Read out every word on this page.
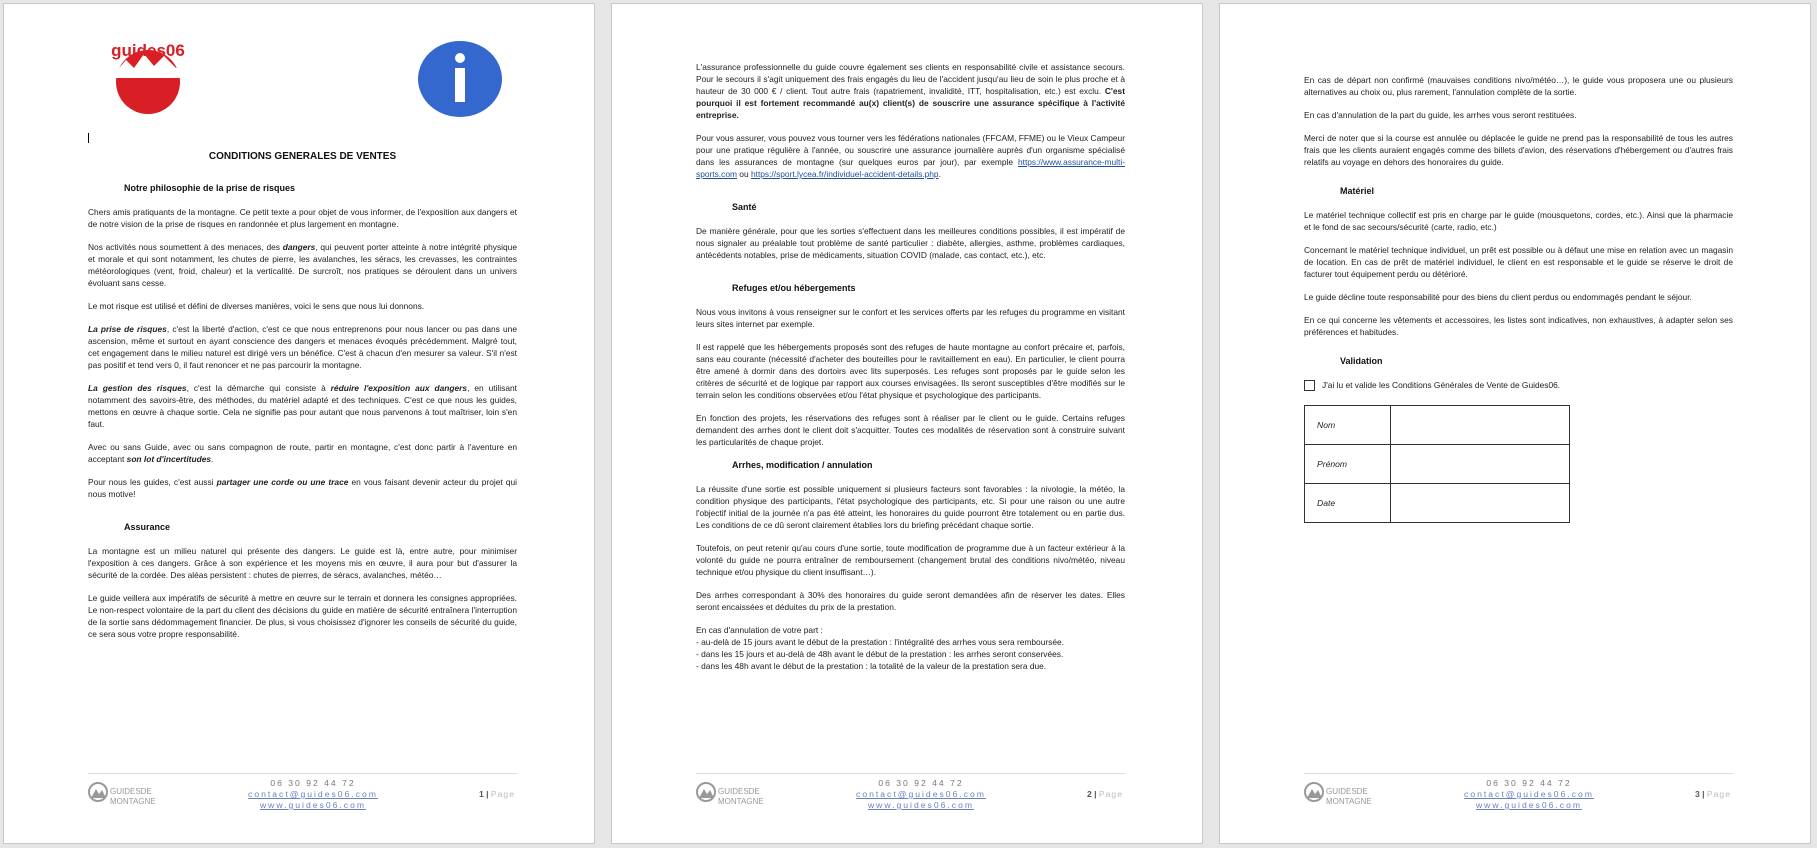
guides06
CONDITIONS GENERALES DE VENTES
Notre philosophie de la prise de risques

Chers amis pratiquants de la montagne. Ce petit texte a pour objet de vous informer, de l'exposition aux dangers et de notre vision de la prise de risques en randonnée et plus largement en montagne.

Nos activités nous soumettent à des menaces, des dangers, qui peuvent porter atteinte à notre intégrité physique et morale et qui sont notamment, les chutes de pierre, les avalanches, les séracs, les crevasses, les contraintes météorologiques (vent, froid, chaleur) et la verticalité. De surcroît, nos pratiques se déroulent dans un univers évoluant sans cesse.

Le mot risque est utilisé et défini de diverses manières, voici le sens que nous lui donnons.

La prise de risques, c'est la liberté d'action, c'est ce que nous entreprenons pour nous lancer ou pas dans une ascension, même et surtout en ayant conscience des dangers et menaces évoqués précédemment. Malgré tout, cet engagement dans le milieu naturel est dirigé vers un bénéfice. C'est à chacun d'en mesurer sa valeur. S'il n'est pas positif et tend vers 0, il faut renoncer et ne pas parcourir la montagne.

La gestion des risques, c'est la démarche qui consiste à réduire l'exposition aux dangers, en utilisant notamment des savoirs-être, des méthodes, du matériel adapté et des techniques. C'est ce que nous les guides, mettons en œuvre à chaque sortie. Cela ne signifie pas pour autant que nous parvenons à tout maîtriser, loin s'en faut.

Avec ou sans Guide, avec ou sans compagnon de route, partir en montagne, c'est donc partir à l'aventure en acceptant son lot d'incertitudes.

Pour nous les guides, c'est aussi partager une corde ou une trace en vous faisant devenir acteur du projet qui nous motive!

Assurance

La montagne est un milieu naturel qui présente des dangers. Le guide est là, entre autre, pour minimiser l'exposition à ces dangers. Grâce à son expérience et les moyens mis en œuvre, il aura pour but d'assurer la sécurité de la cordée. Des aléas persistent : chutes de pierres, de séracs, avalanches, météo…

Le guide veillera aux impératifs de sécurité à mettre en œuvre sur le terrain et donnera les consignes appropriées. Le non-respect volontaire de la part du client des décisions du guide en matière de sécurité entraînera l'interruption de la sortie sans dédommagement financier. De plus, si vous choisissez d'ignorer les conseils de sécurité du guide, ce sera sous votre propre responsabilité.

GUIDESDE
MONTAGNE
06 30 92 44 72
contact@guides06.com
www.guides06.com
1 | Page

L'assurance professionnelle du guide couvre également ses clients en responsabilité civile et assistance secours. Pour le secours il s'agit uniquement des frais engagés du lieu de l'accident jusqu'au lieu de soin le plus proche et à hauteur de 30 000 € / client. Tout autre frais (rapatriement, invalidité, ITT, hospitalisation, etc.) est exclu. C'est pourquoi il est fortement recommandé au(x) client(s) de souscrire une assurance spécifique à l'activité entreprise.

Pour vous assurer, vous pouvez vous tourner vers les fédérations nationales (FFCAM, FFME) ou le Vieux Campeur pour une pratique régulière à l'année, ou souscrire une assurance journalière auprès d'un organisme spécialisé dans les assurances de montagne (sur quelques euros par jour), par exemple https://www.assurance-multi-sports.com ou https://sport.lycea.fr/individuel-accident-details.php.

Santé

De manière générale, pour que les sorties s'effectuent dans les meilleures conditions possibles, il est impératif de nous signaler au préalable tout problème de santé particulier : diabète, allergies, asthme, problèmes cardiaques, antécédents notables, prise de médicaments, situation COVID (malade, cas contact, etc.), etc.

Refuges et/ou hébergements

Nous vous invitons à vous renseigner sur le confort et les services offerts par les refuges du programme en visitant leurs sites internet par exemple.

Il est rappelé que les hébergements proposés sont des refuges de haute montagne au confort précaire et, parfois, sans eau courante (nécessité d'acheter des bouteilles pour le ravitaillement en eau). En particulier, le client pourra être amené à dormir dans des dortoirs avec lits superposés. Les refuges sont proposés par le guide selon les critères de sécurité et de logique par rapport aux courses envisagées. Ils seront susceptibles d'être modifiés sur le terrain selon les conditions observées et/ou l'état physique et psychologique des participants.

En fonction des projets, les réservations des refuges sont à réaliser par le client ou le guide. Certains refuges demandent des arrhes dont le client doit s'acquitter. Toutes ces modalités de réservation sont à construire suivant les particularités de chaque projet.

Arrhes, modification / annulation

La réussite d'une sortie est possible uniquement si plusieurs facteurs sont favorables : la nivologie, la météo, la condition physique des participants, l'état psychologique des participants, etc. Si pour une raison ou une autre l'objectif initial de la journée n'a pas été atteint, les honoraires du guide pourront être totalement ou en partie dus. Les conditions de ce dû seront clairement établies lors du briefing précédant chaque sortie.

Toutefois, on peut retenir qu'au cours d'une sortie, toute modification de programme due à un facteur extérieur à la volonté du guide ne pourra entraîner de remboursement (changement brutal des conditions nivo/météo, niveau technique et/ou physique du client insuffisant…).

Des arrhes correspondant à 30% des honoraires du guide seront demandées afin de réserver les dates. Elles seront encaissées et déduites du prix de la prestation.

En cas d'annulation de votre part :
- au-delà de 15 jours avant le début de la prestation : l'intégralité des arrhes vous sera remboursée.
- dans les 15 jours et au-delà de 48h avant le début de la prestation : les arrhes seront conservées.
- dans les 48h avant le début de la prestation : la totalité de la valeur de la prestation sera due.
GUIDESDE
MONTAGNE
06 30 92 44 72
contact@guides06.com
www.guides06.com
2 | Page

En cas de départ non confirmé (mauvaises conditions nivo/météo…), le guide vous proposera une ou plusieurs alternatives au choix ou, plus rarement, l'annulation complète de la sortie.

En cas d'annulation de la part du guide, les arrhes vous seront restituées.

Merci de noter que si la course est annulée ou déplacée le guide ne prend pas la responsabilité de tous les autres frais que les clients auraient engagés comme des billets d'avion, des réservations d'hébergement ou d'autres frais relatifs au voyage en dehors des honoraires du guide.

Matériel

Le matériel technique collectif est pris en charge par le guide (mousquetons, cordes, etc.). Ainsi que la pharmacie et le fond de sac secours/sécurité (carte, radio, etc.)

Concernant le matériel technique individuel, un prêt est possible ou à défaut une mise en relation avec un magasin de location. En cas de prêt de matériel individuel, le client en est responsable et le guide se réserve le droit de facturer tout équipement perdu ou détérioré.

Le guide décline toute responsabilité pour des biens du client perdus ou endommagés pendant le séjour.

En ce qui concerne les vêtements et accessoires, les listes sont indicatives, non exhaustives, à adapter selon ses préférences et habitudes.

Validation
J'ai lu et valide les Conditions Générales de Vente de Guides06.
Nom	
Prénom	
Date	
GUIDESDE
MONTAGNE
06 30 92 44 72
contact@guides06.com
www.guides06.com
3 | Page
